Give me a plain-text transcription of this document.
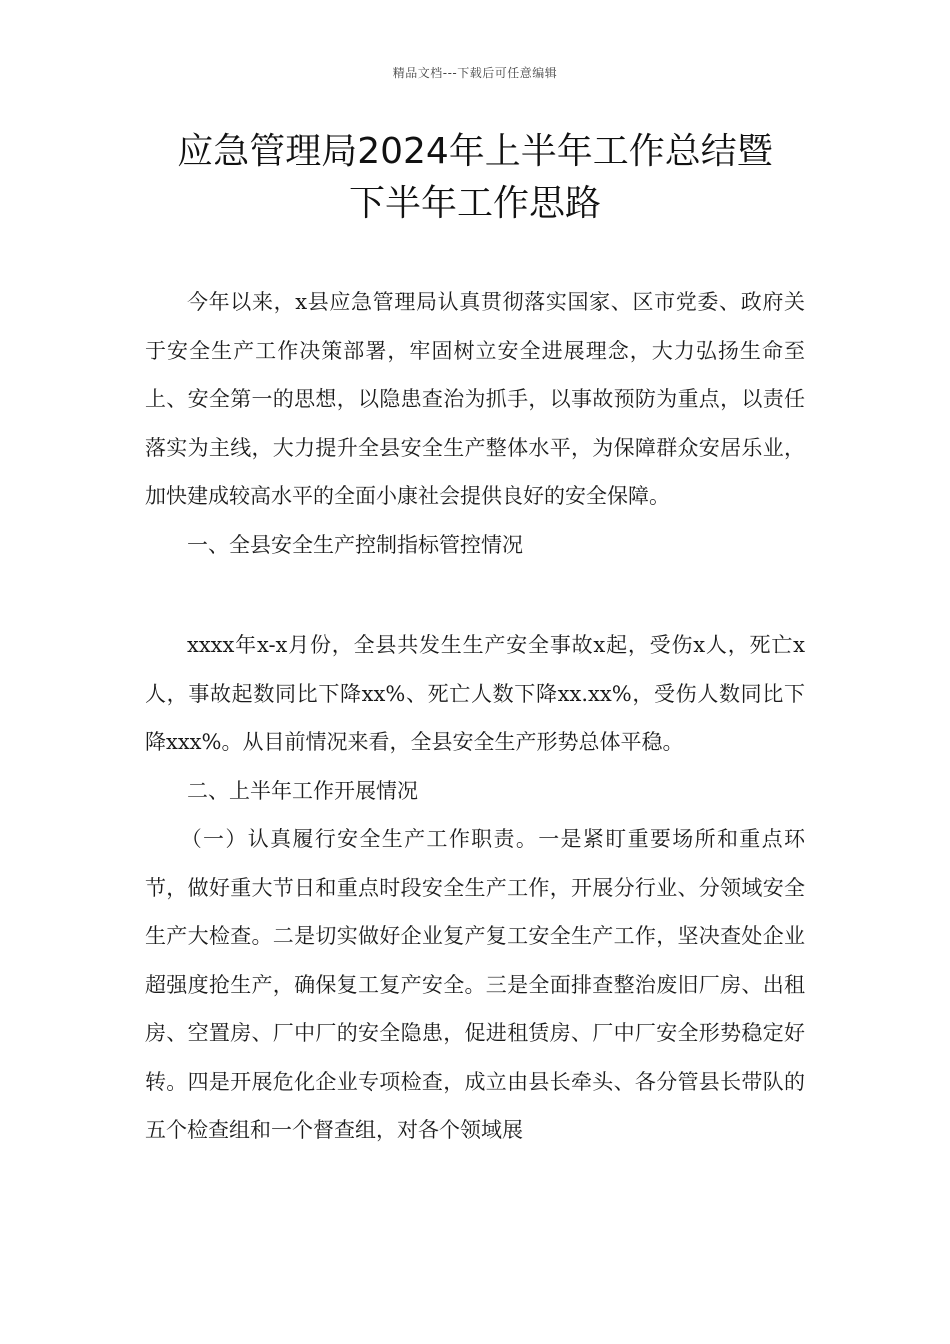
精品文档---下载后可任意编辑
应急管理局2024年上半年工作总结暨
下半年工作思路

今年以来，x县应急管理局认真贯彻落实国家、区市党委、政府关于安全生产工作决策部署，牢固树立安全进展理念，大力弘扬生命至上、安全第一的思想，以隐患查治为抓手，以事故预防为重点，以责任落实为主线，大力提升全县安全生产整体水平，为保障群众安居乐业，加快建成较高水平的全面小康社会提供良好的安全保障。

一、全县安全生产控制指标管控情况

xxxx年x-x月份，全县共发生生产安全事故x起，受伤x人，死亡x人，事故起数同比下降xx%、死亡人数下降xx.xx%，受伤人数同比下降xxx%。从目前情况来看，全县安全生产形势总体平稳。

二、上半年工作开展情况

（一）认真履行安全生产工作职责。一是紧盯重要场所和重点环节，做好重大节日和重点时段安全生产工作，开展分行业、分领域安全生产大检查。二是切实做好企业复产复工安全生产工作，坚决查处企业超强度抢生产，确保复工复产安全。三是全面排查整治废旧厂房、出租房、空置房、厂中厂的安全隐患，促进租赁房、厂中厂安全形势稳定好转。四是开展危化企业专项检查，成立由县长牵头、各分管县长带队的五个检查组和一个督查组，对各个领域展
